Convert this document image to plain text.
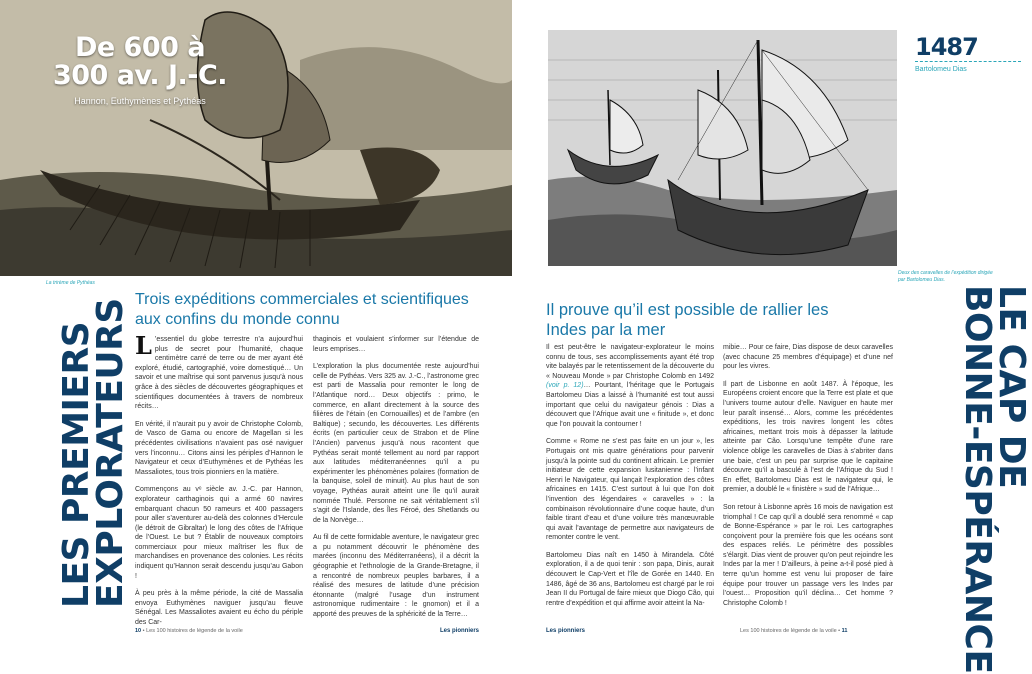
De 600 à
300 av. J.-C.
Hannon, Euthymènes et Pythéas
La trirème de Pythéas
LES PREMIERS
EXPLORATEURS Trois expéditions commerciales et scientifiques aux confins du monde connu

L ’essentiel du globe terrestre n’a aujourd’hui plus de secret pour l’humanité, chaque centimètre carré de terre ou de mer ayant été exploré, étudié, cartographié, voire domestiqué… Un savoir et une maîtrise qui sont parvenus jusqu’à nous grâce à des siècles de découvertes géographiques et scientifiques documentées à travers de nombreux récits…

En vérité, il n’aurait pu y avoir de Christophe Colomb, de Vasco de Gama ou encore de Magellan si les précédentes civilisations n’avaient pas osé naviguer vers l’inconnu… Citons ainsi les périples d’Hannon le Navigateur et ceux d’Euthymènes et de Pythéas les Massaliotes, tous trois pionniers en la matière.

Commençons au vᵉ siècle av. J.-C. par Hannon, explorateur carthaginois qui a armé 60 navires embarquant chacun 50 rameurs et 400 passagers pour aller s’aventurer au-delà des colonnes d’Hercule (le détroit de Gibraltar) le long des côtes de l’Afrique de l’Ouest. Le but ? Établir de nouveaux comptoirs commerciaux pour mieux maîtriser les flux de marchandises en provenance des colonies. Les récits indiquent qu’Hannon serait descendu jusqu’au Gabon !

À peu près à la même période, la cité de Massalia envoya Euthymènes naviguer jusqu’au fleuve Sénégal. Les Massaliotes avaient eu écho du périple des Car-

thaginois et voulaient s’informer sur l’étendue de leurs emprises…

L’exploration la plus documentée reste aujourd’hui celle de Pythéas. Vers 325 av. J.-C., l’astronome grec est parti de Massalia pour remonter le long de l’Atlantique nord… Deux objectifs : primo, le commerce, en allant directement à la source des filières de l’étain (en Cornouailles) et de l’ambre (en Baltique) ; secundo, les découvertes. Les différents écrits (en particulier ceux de Strabon et de Pline l’Ancien) parvenus jusqu’à nous racontent que Pythéas serait monté tellement au nord par rapport aux latitudes méditerranéennes qu’il a pu expérimenter les phénomènes polaires (formation de la banquise, soleil de minuit). Au plus haut de son voyage, Pythéas aurait atteint une île qu’il aurait nommée Thulé. Personne ne sait véritablement s’il s’agit de l’Islande, des Îles Féroé, des Shetlands ou de la Norvège…

Au fil de cette formidable aventure, le navigateur grec a pu notamment découvrir le phénomène des marées (inconnu des Méditerranéens), il a décrit la géographie et l’ethnologie de la Grande-Bretagne, il a rencontré de nombreux peuples barbares, il a réalisé des mesures de latitude d’une précision étonnante (malgré l’usage d’un instrument astronomique rudimentaire : le gnomon) et il a apporté des preuves de la sphéricité de la Terre…

10 • Les 100 histoires de légende de la voile	Les pionniers
1487
Bartolomeu Dias
Deux des caravelles de l’expédition dirigée par Bartolomeu Dias.
LE CAP DE
BONNE-ESPÉRANCE
Il prouve qu’il est possible de rallier les Indes par la mer

Il est peut-être le navigateur-explorateur le moins connu de tous, ses accomplissements ayant été trop vite balayés par le retentissement de la découverte du « Nouveau Monde » par Christophe Colomb en 1492 (voir p. 12)… Pourtant, l’héritage que le Portugais Bartolomeu Dias a laissé à l’humanité est tout aussi important que celui du navigateur génois : Dias a découvert que l’Afrique avait une « finitude », et donc que l’on pouvait la contourner !

Comme « Rome ne s’est pas faite en un jour », les Portugais ont mis quatre générations pour parvenir jusqu’à la pointe sud du continent africain. Le premier initiateur de cette expansion lusitanienne : l’infant Henri le Navigateur, qui lançait l’exploration des côtes africaines en 1415. C’est surtout à lui que l’on doit l’invention des légendaires « caravelles » : la combinaison révolutionnaire d’une coque haute, d’un faible tirant d’eau et d’une voilure très manœuvrable qui avait l’avantage de permettre aux navigateurs de remonter contre le vent.

Bartolomeu Dias naît en 1450 à Mirandela. Côté exploration, il a de quoi tenir : son papa, Dinis, aurait découvert le Cap-Vert et l’île de Gorée en 1440. En 1486, âgé de 36 ans, Bartolomeu est chargé par le roi Jean II du Portugal de faire mieux que Diogo Cão, qui rentre d’expédition et qui affirme avoir atteint la Na-

mibie… Pour ce faire, Dias dispose de deux caravelles (avec chacune 25 membres d’équipage) et d’une nef pour les vivres.

Il part de Lisbonne en août 1487. À l’époque, les Européens croient encore que la Terre est plate et que l’univers tourne autour d’elle. Naviguer en haute mer leur paraît insensé… Alors, comme les précédentes expéditions, les trois navires longent les côtes africaines, mettant trois mois à dépasser la latitude atteinte par Cão. Lorsqu’une tempête d’une rare violence oblige les caravelles de Dias à s’abriter dans une baie, c’est un peu par surprise que le capitaine découvre qu’il a basculé à l’est de l’Afrique du Sud ! En effet, Bartolomeu Dias est le navigateur qui, le premier, a doublé le « finistère » sud de l’Afrique…

Son retour à Lisbonne après 16 mois de navigation est triomphal ! Ce cap qu’il a doublé sera renommé « cap de Bonne-Espérance » par le roi. Les cartographes conçoivent pour la première fois que les océans sont des espaces reliés. Le périmètre des possibles s’élargit. Dias vient de prouver qu’on peut rejoindre les Indes par la mer ! D’ailleurs, à peine a-t-il posé pied à terre qu’un homme est venu lui proposer de faire équipe pour trouver un passage vers les Indes par l’ouest… Proposition qu’il déclina… Cet homme ? Christophe Colomb !

Les pionniers	Les 100 histoires de légende de la voile • 11
